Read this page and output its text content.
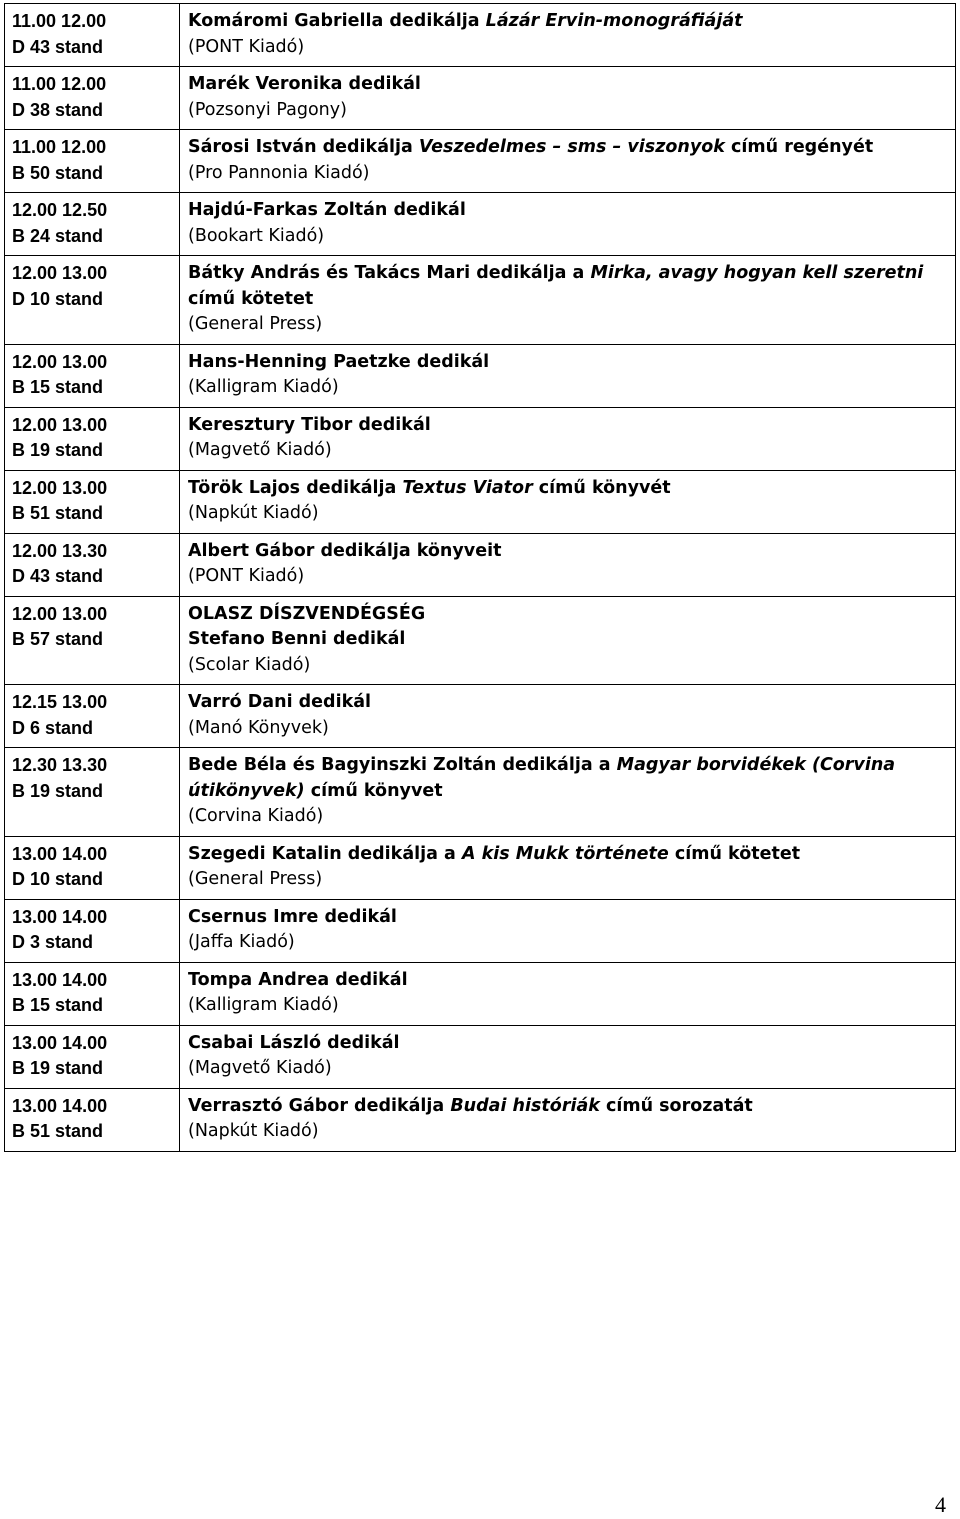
11.00 12.00
D 43 stand	Komáromi Gabriella dedikálja Lázár Ervin-monográfiáját
(PONT Kiadó)

11.00 12.00
D 38 stand	Marék Veronika dedikál
(Pozsonyi Pagony)

11.00 12.00
B 50 stand	Sárosi István dedikálja Veszedelmes – sms – viszonyok című regényét
(Pro Pannonia Kiadó)

12.00 12.50
B 24 stand	Hajdú-Farkas Zoltán dedikál
(Bookart Kiadó)

12.00 13.00
D 10 stand	Bátky András és Takács Mari dedikálja a Mirka, avagy hogyan kell szeretni
című kötetet
(General Press)

12.00 13.00
B 15 stand	Hans-Henning Paetzke dedikál
(Kalligram Kiadó)

12.00 13.00
B 19 stand	Keresztury Tibor dedikál
(Magvető Kiadó)

12.00 13.00
B 51 stand	Török Lajos dedikálja Textus Viator című könyvét
(Napkút Kiadó)

12.00 13.30
D 43 stand	Albert Gábor dedikálja könyveit
(PONT Kiadó)

12.00 13.00
B 57 stand	OLASZ DÍSZVENDÉGSÉG
Stefano Benni dedikál
(Scolar Kiadó)

12.15 13.00
D 6 stand	Varró Dani dedikál
(Manó Könyvek)

12.30 13.30
B 19 stand	Bede Béla és Bagyinszki Zoltán dedikálja a Magyar borvidékek (Corvina
útikönyvek) című könyvet
(Corvina Kiadó)

13.00 14.00
D 10 stand	Szegedi Katalin dedikálja a A kis Mukk története című kötetet
(General Press)

13.00 14.00
D 3 stand	Csernus Imre dedikál
(Jaffa Kiadó)

13.00 14.00
B 15 stand	Tompa Andrea dedikál
(Kalligram Kiadó)

13.00 14.00
B 19 stand	Csabai László dedikál
(Magvető Kiadó)

13.00 14.00
B 51 stand	Verrasztó Gábor dedikálja Budai históriák című sorozatát
(Napkút Kiadó)
4
